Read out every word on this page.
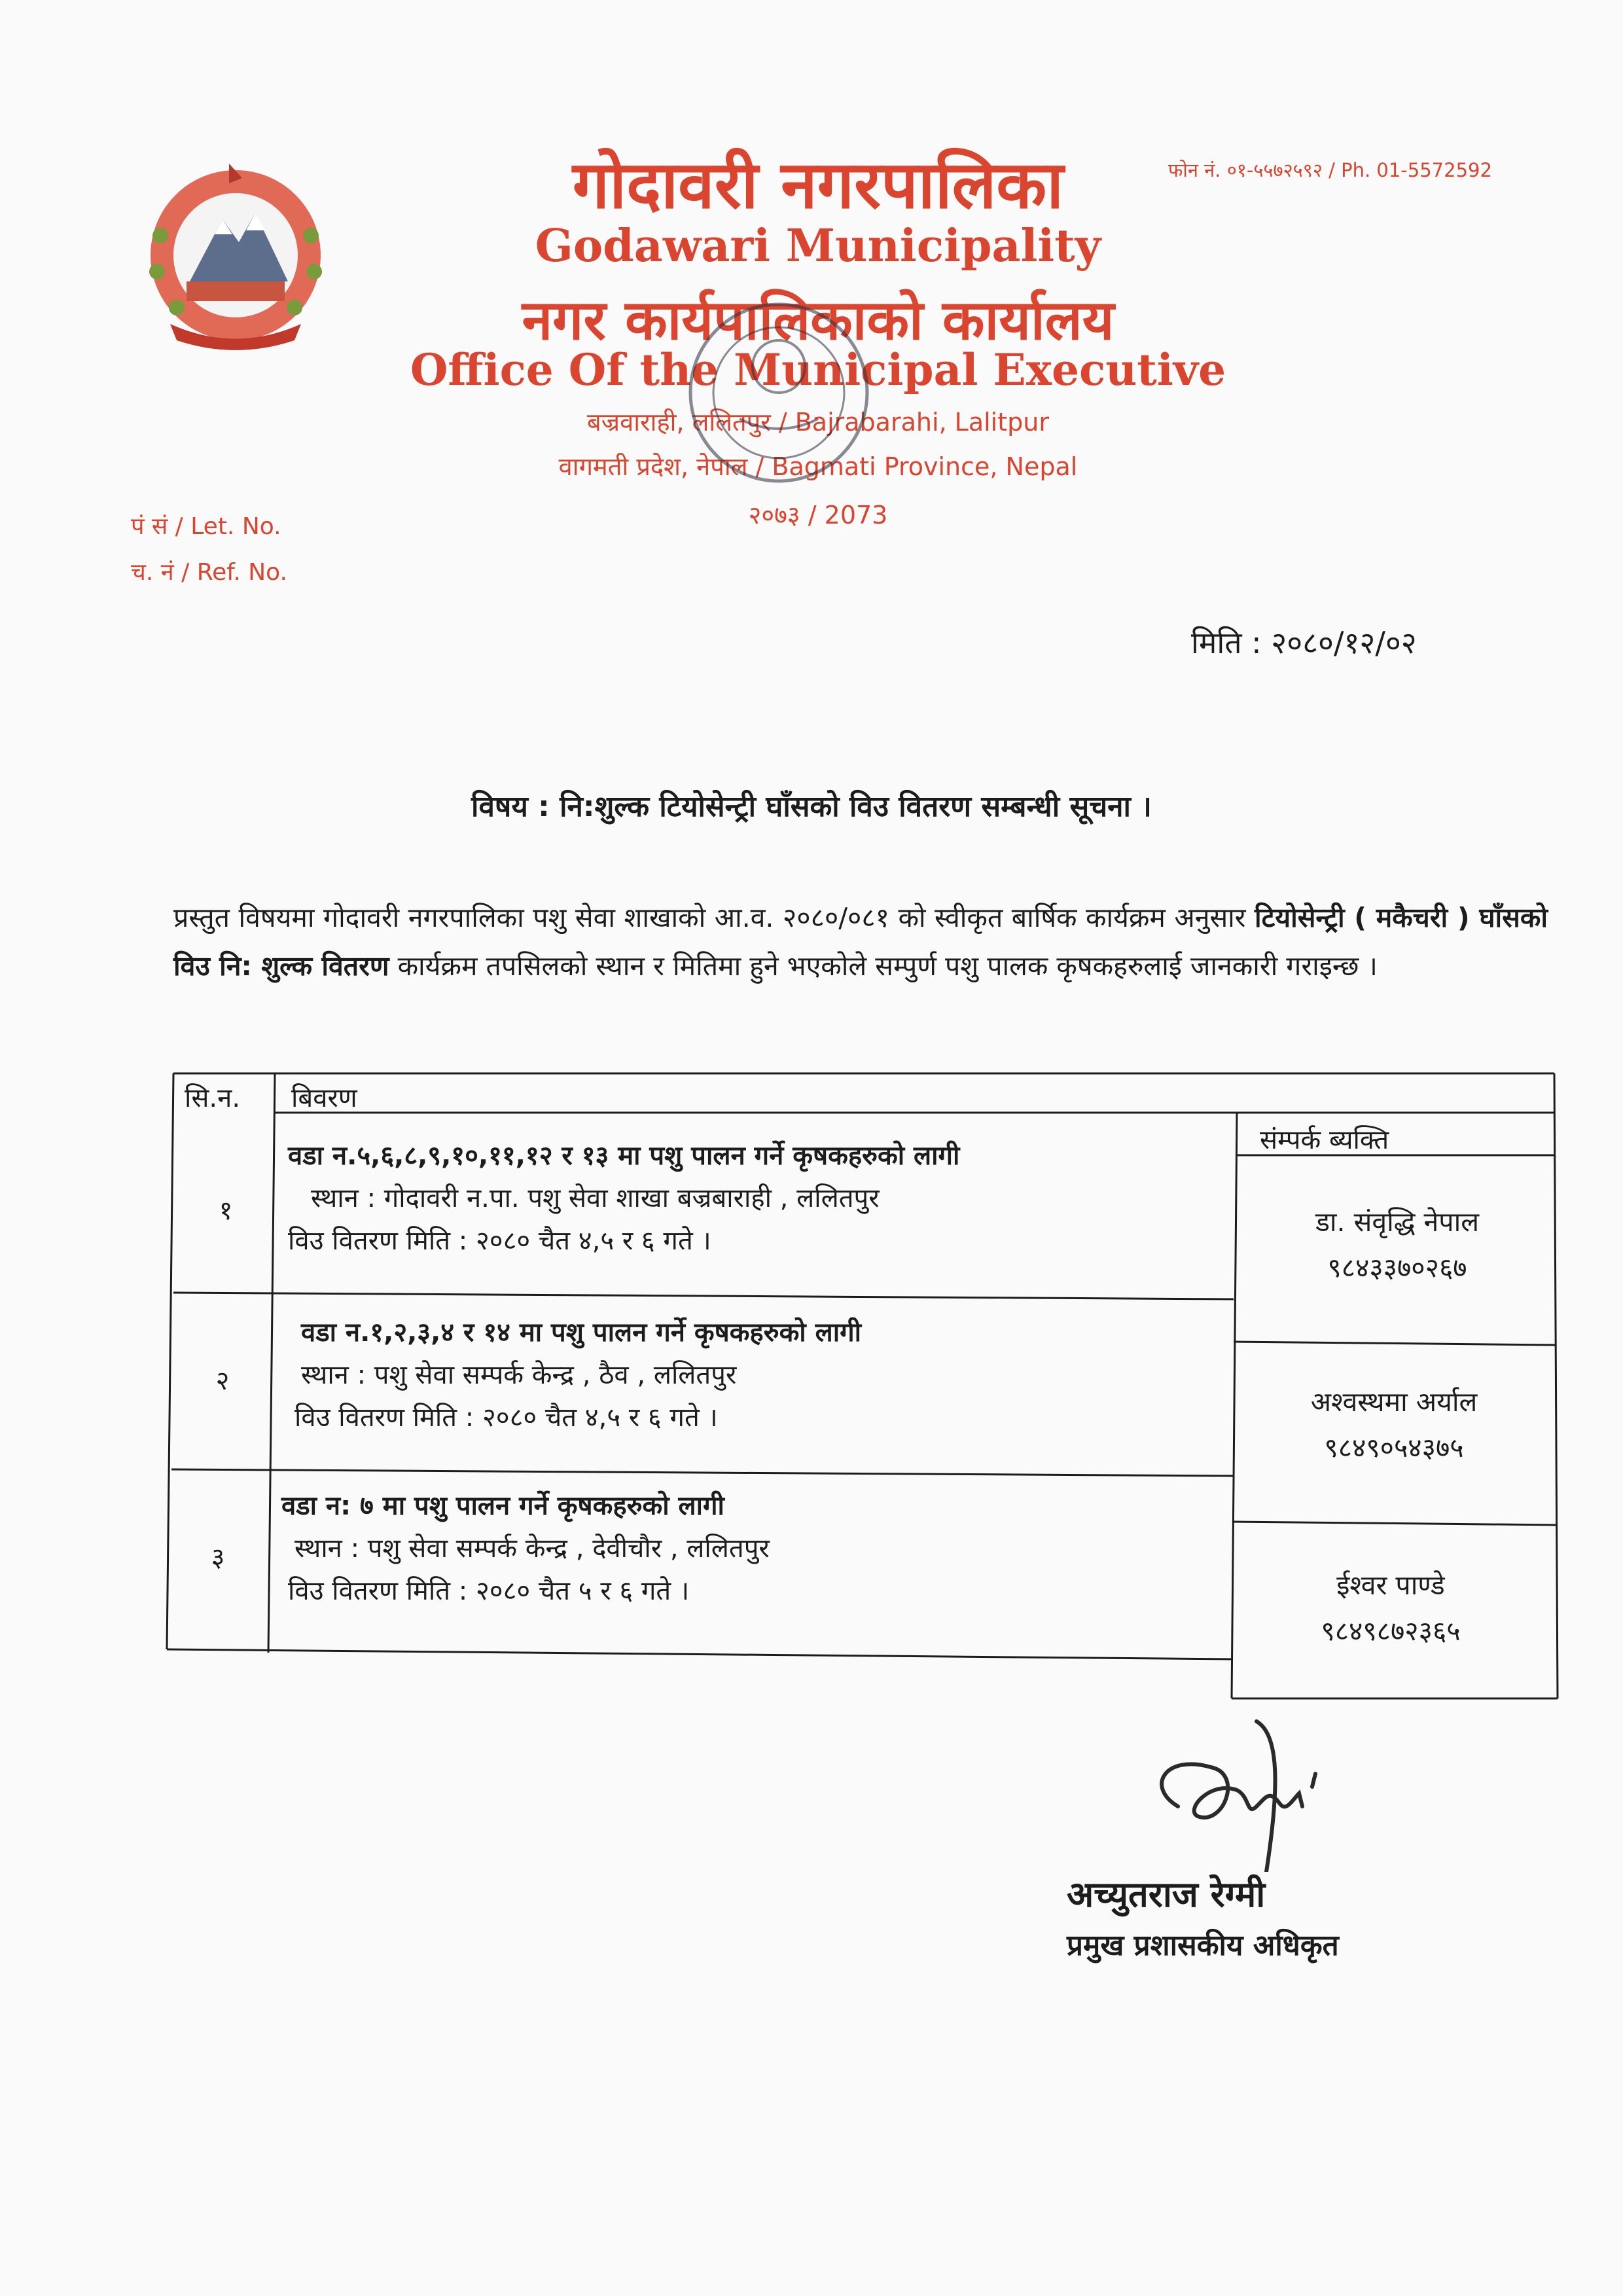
गोदावरी नगरपालिका
Godawari Municipality
नगर कार्यपालिकाको कार्यालय
Office Of the Municipal Executive
बज्रवाराही, ललितपुर / Bajrabarahi, Lalitpur
वागमती प्रदेश, नेपाल / Bagmati Province, Nepal
२०७३ / 2073
फोन नं. ०१-५५७२५९२ / Ph. 01-5572592
पं सं / Let. No.
च. नं / Ref. No.
मिति : २०८०/१२/०२
विषय : नि:शुल्क टियोसेन्ट्री घाँसको विउ वितरण सम्बन्धी सूचना ।
प्रस्तुत विषयमा गोदावरी नगरपालिका पशु सेवा शाखाको आ.व. २०८०/०८१ को स्वीकृत बार्षिक कार्यक्रम अनुसार टियोसेन्ट्री ( मकैचरी ) घाँसको विउ नि: शुल्क वितरण कार्यक्रम तपसिलको स्थान र मितिमा हुने भएकोले सम्पुर्ण पशु पालक कृषकहरुलाई जानकारी गराइन्छ ।
सि.न. बिवरण
संम्पर्क ब्यक्ति
१
वडा न.५,६,८,९,१०,११,१२ र १३ मा पशु पालन गर्ने कृषकहरुको लागी
स्थान : गोदावरी न.पा. पशु सेवा शाखा बज्रबाराही , ललितपुर
विउ वितरण मिति : २०८० चैत ४,५ र ६ गते ।
डा. संवृद्धि नेपाल
९८४३३७०२६७
२
वडा न.१,२,३,४ र १४ मा पशु पालन गर्ने कृषकहरुको लागी
स्थान : पशु सेवा सम्पर्क केन्द्र , ठैव , ललितपुर
विउ वितरण मिति : २०८० चैत ४,५ र ६ गते ।	अश्वस्थमा अर्याल
९८४९०५४३७५
३
वडा न: ७ मा पशु पालन गर्ने कृषकहरुको लागी
स्थान : पशु सेवा सम्पर्क केन्द्र , देवीचौर , ललितपुर
विउ वितरण मिति : २०८० चैत ५ र ६ गते ।	ईश्वर पाण्डे
९८४९८७२३६५
अच्युतराज रेग्मी
प्रमुख प्रशासकीय अधिकृत
